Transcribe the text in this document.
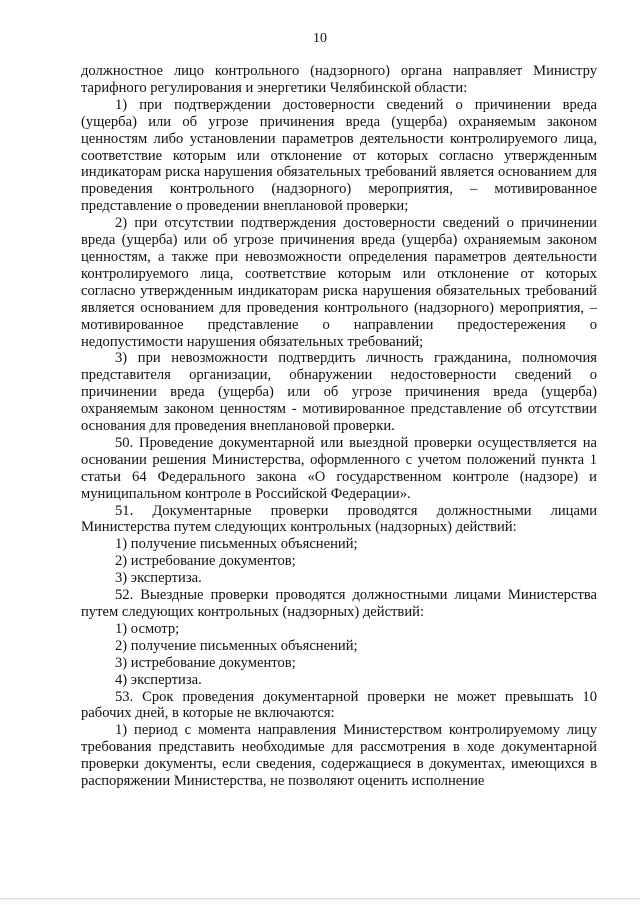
10

должностное лицо контрольного (надзорного) органа направляет Министру тарифного регулирования и энергетики Челябинской области:

1) при подтверждении достоверности сведений о причинении вреда (ущерба) или об угрозе причинения вреда (ущерба) охраняемым законом ценностям либо установлении параметров деятельности контролируемого лица, соответствие которым или отклонение от которых согласно утвержденным индикаторам риска нарушения обязательных требований является основанием для проведения контрольного (надзорного) мероприятия, – мотивированное представление о проведении внеплановой проверки;

2) при отсутствии подтверждения достоверности сведений о причинении вреда (ущерба) или об угрозе причинения вреда (ущерба) охраняемым законом ценностям, а также при невозможности определения параметров деятельности контролируемого лица, соответствие которым или отклонение от которых согласно утвержденным индикаторам риска нарушения обязательных требований является основанием для проведения контрольного (надзорного) мероприятия, – мотивированное представление о направлении предостережения о недопустимости нарушения обязательных требований;

3) при невозможности подтвердить личность гражданина, полномочия представителя организации, обнаружении недостоверности сведений о причинении вреда (ущерба) или об угрозе причинения вреда (ущерба) охраняемым законом ценностям - мотивированное представление об отсутствии основания для проведения внеплановой проверки.

50. Проведение документарной или выездной проверки осуществляется на основании решения Министерства, оформленного с учетом положений пункта 1 статьи 64 Федерального закона «О государственном контроле (надзоре) и муниципальном контроле в Российской Федерации».

51. Документарные проверки проводятся должностными лицами Министерства путем следующих контрольных (надзорных) действий:

1) получение письменных объяснений;

2) истребование документов;

3) экспертиза.

52. Выездные проверки проводятся должностными лицами Министерства путем следующих контрольных (надзорных) действий:

1) осмотр;

2) получение письменных объяснений;

3) истребование документов;

4) экспертиза.

53. Срок проведения документарной проверки не может превышать 10 рабочих дней, в которые не включаются:

1) период с момента направления Министерством контролируемому лицу требования представить необходимые для рассмотрения в ходе документарной проверки документы, если сведения, содержащиеся в документах, имеющихся в распоряжении Министерства, не позволяют оценить исполнение
